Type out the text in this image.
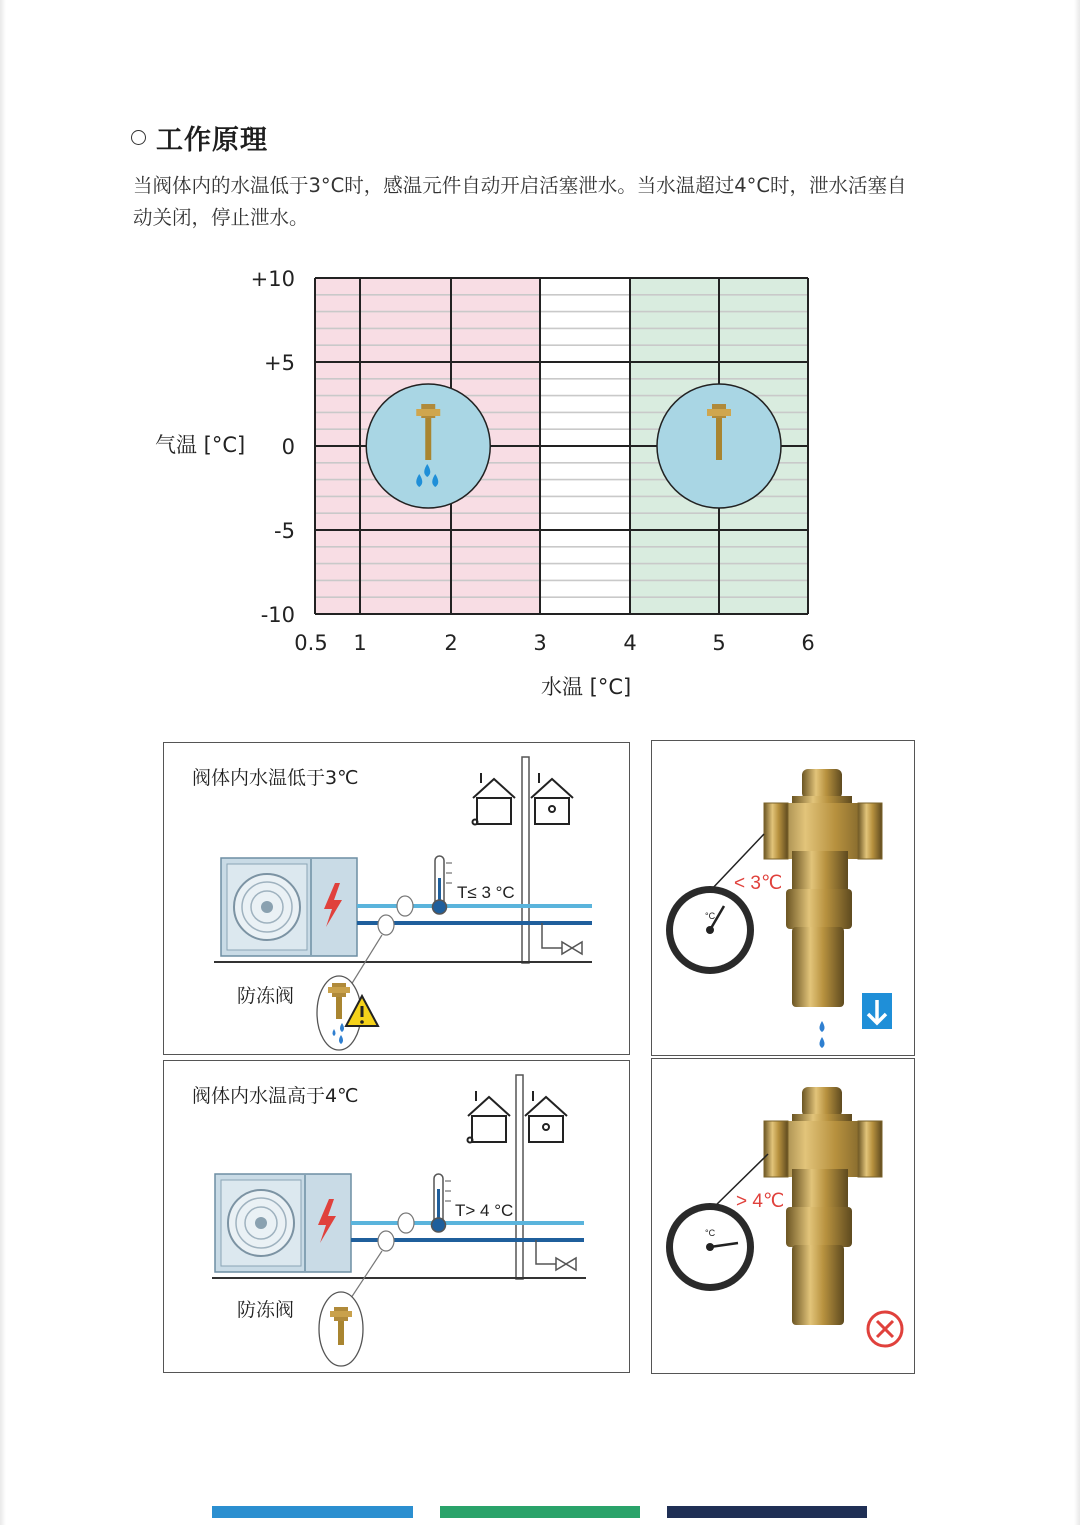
工作原理
当阀体内的水温低于3°C时，感温元件自动开启活塞泄水。当水温超过4°C时，泄水活塞自动关闭，停止泄水。
+10
+5
0
-5
-10
0.5 1	2	3	4	5	6
气温 [°C]
水温 [°C]
T≤ 3 °C
阀体内水温低于3℃
防冻阀
°C
< 3℃
T> 4 °C
阀体内水温高于4℃
防冻阀
°C
> 4℃
